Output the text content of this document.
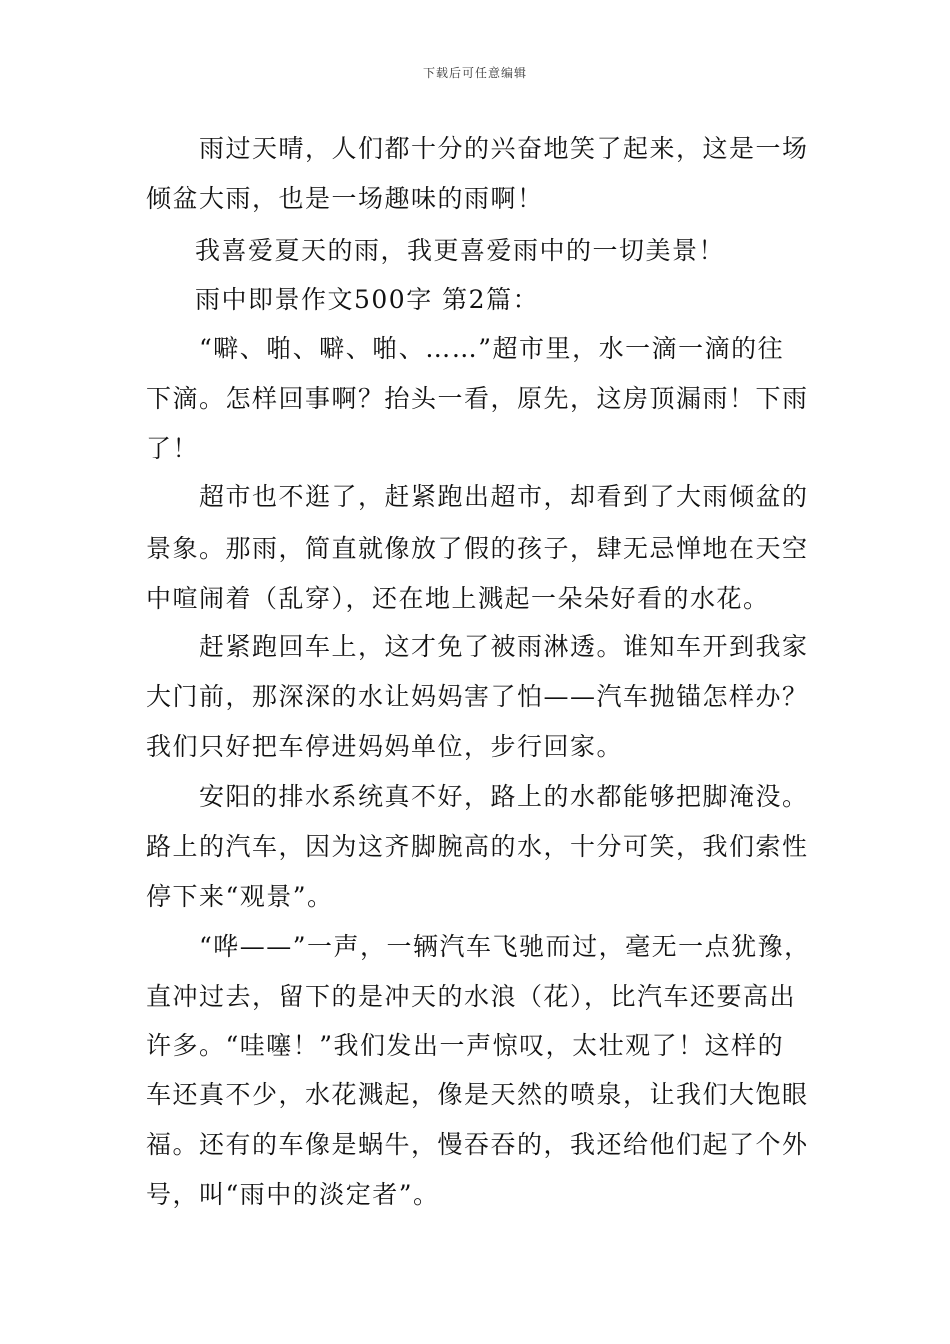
下载后可任意编辑
雨过天晴，人们都十分的兴奋地笑了起来，这是一场
倾盆大雨，也是一场趣味的雨啊！
我喜爱夏天的雨，我更喜爱雨中的一切美景！
雨中即景作文500字 第2篇：
“噼、啪、噼、啪、……”超市里，水一滴一滴的往
下滴。怎样回事啊？抬头一看，原先，这房顶漏雨！下雨
了！
超市也不逛了，赶紧跑出超市，却看到了大雨倾盆的
景象。那雨，简直就像放了假的孩子，肆无忌惮地在天空
中喧闹着（乱穿），还在地上溅起一朵朵好看的水花。
赶紧跑回车上，这才免了被雨淋透。谁知车开到我家
大门前，那深深的水让妈妈害了怕——汽车抛锚怎样办？
我们只好把车停进妈妈单位，步行回家。
安阳的排水系统真不好，路上的水都能够把脚淹没。
路上的汽车，因为这齐脚腕高的水，十分可笑，我们索性
停下来“观景”。
“哗——”一声，一辆汽车飞驰而过，毫无一点犹豫，
直冲过去，留下的是冲天的水浪（花），比汽车还要高出
许多。“哇噻！”我们发出一声惊叹，太壮观了！这样的
车还真不少，水花溅起，像是天然的喷泉，让我们大饱眼
福。还有的车像是蜗牛，慢吞吞的，我还给他们起了个外
号，叫“雨中的淡定者”。
